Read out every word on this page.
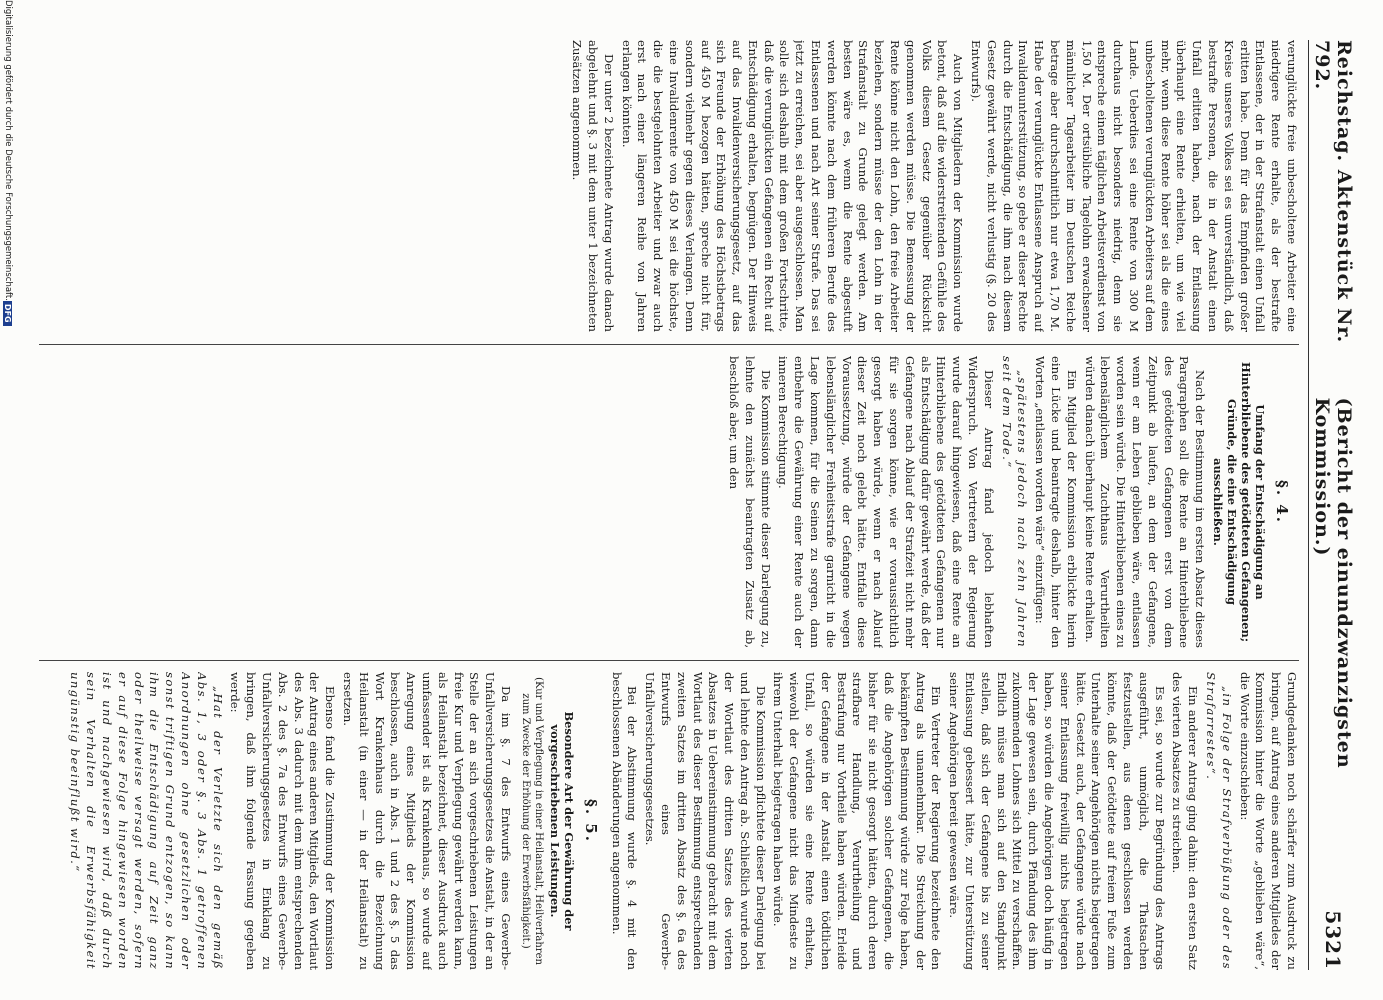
Reichstag. Aktenstück Nr. 792.
(Bericht der einundzwanzigsten Kommission.)
5321

verunglückte freie unbescholtene Arbeiter eine niedrigere Rente erhalte, als der bestrafte Entlassene, der in der Strafanstalt einen Unfall erlitten habe. Denn für das Empfinden großer Kreise unseres Volkes sei es unverständlich, daß bestrafte Personen, die in der Anstalt einen Unfall erlitten haben, nach der Entlassung überhaupt eine Rente erhielten, um wie viel mehr, wenn diese Rente höher sei als die eines unbescholtenen verunglückten Arbeiters auf dem Lande. Ueberdies sei eine Rente von 300 M durchaus nicht besonders niedrig, denn sie entspreche einem täglichen Arbeitsverdienst von 1,50 M. Der ortsübliche Tagelohn erwachsener männlicher Tagearbeiter im Deutschen Reiche betrage aber durchschnittlich nur etwa 1,70 M. Habe der verunglückte Entlassene Anspruch auf Invalidenunterstützung, so gebe er dieser Rechte durch die Entschädigung, die ihm nach diesem Gesetz gewährt werde, nicht verlustig (§. 20 des Entwurfs).

Auch von Mitgliedern der Kommission wurde betont, daß auf die widerstreitenden Gefühle des Volks diesem Gesetz gegenüber Rücksicht genommen werden müsse. Die Bemessung der Rente könne nicht den Lohn, den freie Arbeiter beziehen, sondern müsse der den Lohn in der Strafanstalt zu Grunde gelegt werden. Am besten wäre es, wenn die Rente abgestuft werden könnte nach dem früheren Berufe des Entlassenen und nach Art seiner Strafe. Das sei jetzt zu erreichen, sei aber ausgeschlossen. Man solle sich deshalb mit dem großen Fortschritte, daß die verunglückten Gefangenen ein Recht auf Entschädigung erhalten, begnügen. Der Hinweis auf das Invalidenversicherungsgesetz, auf das sich Freunde der Erhöhung des Höchstbetrags auf 450 M bezogen hätten, spreche nicht für, sondern vielmehr gegen dieses Verlangen. Denn eine Invalidenrente von 450 M sei die höchste, die die bestgelohnten Arbeiter und zwar auch erst nach einer längeren Reihe von Jahren erlangen könnten.

Der unter 2 bezeichnete Antrag wurde danach abgelehnt und §. 3 mit dem unter 1 bezeichneten Zusätzen angenommen.

§. 4.
Umfang der Entschädigung an Hinterbliebene des getödteten Gefangenen; Gründe, die eine Entschädigung ausschließen.

Nach der Bestimmung im ersten Absatz dieses Paragraphen soll die Rente an Hinterbliebene des getödteten Gefangenen erst von dem Zeitpunkt ab laufen, an dem der Gefangene, wenn er am Leben geblieben wäre, entlassen worden sein würde. Die Hinterbliebenen eines zu lebenslänglichem Zuchthaus Verurtheilten würden danach überhaupt keine Rente erhalten.

Ein Mitglied der Kommission erblickte hierin eine Lücke und beantragte deshalb, hinter den Worten „entlassen worden wäre“ einzufügen:

„spätestens jedoch nach zehn Jahren seit dem Tode.“

Dieser Antrag fand jedoch lebhaften Widerspruch. Von Vertretern der Regierung wurde darauf hingewiesen, daß eine Rente an Hinterbliebene des getödteten Gefangenen nur als Entschädigung dafür gewährt werde, daß der Gefangene nach Ablauf der Strafzeit nicht mehr für sie sorgen könne, wie er voraussichtlich gesorgt haben würde, wenn er nach Ablauf dieser Zeit noch gelebt hätte. Entfalle diese Voraussetzung, würde der Gefangene wegen lebenslänglicher Freiheitsstrafe garnicht in die Lage kommen, für die Seinen zu sorgen, dann entbehre die Gewährung einer Rente auch der inneren Berechtigung.

Die Kommission stimmte dieser Darlegung zu, lehnte den zunächst beantragten Zusatz ab, beschloß aber, um den

Grundgedanken noch schärfer zum Ausdruck zu bringen, auf Antrag eines anderen Mitgliedes der Kommission hinter die Worte „geblieben wäre“, die Worte einzuschieben:

„in Folge der Strafverbüßung oder des Strafarrestes“.

Ein anderer Antrag ging dahin: den ersten Satz des vierten Absatzes zu streichen.

Es sei, so wurde zur Begründung des Antrags ausgeführt, unmöglich, die Thatsachen festzustellen, aus denen geschlossen werden könnte, daß der Getödtete auf freiem Fuße zum Unterhalte seiner Angehörigen nichts beigetragen hätte. Gesetzt auch, der Gefangene würde nach seiner Entlassung freiwillig nichts beigetragen haben, so würden die Angehörigen doch häufig in der Lage gewesen sein, durch Pfändung des ihm zukommenden Lohnes sich Mittel zu verschaffen. Endlich müsse man sich auf den Standpunkt stellen, daß sich der Gefangene bis zu seiner Entlassung gebessert hätte, zur Unterstützung seiner Angehörigen bereit gewesen wäre.

Ein Vertreter der Regierung bezeichnete den Antrag als unannehmbar. Die Streichung der bekämpften Bestimmung würde zur Folge haben, daß die Angehörigen solcher Gefangenen, die bisher für sie nicht gesorgt hätten, durch deren strafbare Handlung, Verurtheilung und Bestrafung nur Vortheile haben würden. Erleide der Gefangene in der Anstalt einen tödtlichen Unfall, so würden sie eine Rente erhalten, wiewohl der Gefangene nicht das Mindeste zu ihrem Unterhalt beigetragen haben würde.

Die Kommission pflichtete dieser Darlegung bei und lehnte den Antrag ab. Schließlich wurde noch der Wortlaut des dritten Satzes des vierten Absatzes in Uebereinstimmung gebracht mit dem Wortlaut des dieser Bestimmung entsprechenden zweiten Satzes im dritten Absatz des §. 6a des Entwurfs eines Gewerbe-Unfallversicherungsgesetzes.

Bei der Abstimmung wurde §. 4 mit den beschlossenen Abänderungen angenommen.

§. 5.
Besondere Art der Gewährung der vorgeschriebenen Leistungen.
(Kur und Verpflegung in einer Heilanstalt, Heilverfahren zum Zwecke der Erhöhung der Erwerbsfähigkeit.)

Da im §. 7 des Entwurfs eines Gewerbe-Unfallversicherungsgesetzes die Anstalt, in der an Stelle der an sich vorgeschriebenen Leistungen freie Kur und Verpflegung gewährt werden kann, als Heilanstalt bezeichnet, dieser Ausdruck auch umfassender ist als Krankenhaus, so wurde auf Anregung eines Mitglieds der Kommission beschlossen, auch in Abs. 1 und 2 des §. 5 das Wort Krankenhaus durch die Bezeichnung Heilanstalt (in einer — in der Heilanstalt) zu ersetzen.

Ebenso fand die Zustimmung der Kommission der Antrag eines anderen Mitglieds, den Wortlaut des Abs. 3 dadurch mit dem ihm entsprechenden Abs. 2 des §. 7a des Entwurfs eines Gewerbe-Unfallversicherungsgesetzes in Einklang zu bringen, daß ihm folgende Fassung gegeben werde:

„Hat der Verletzte sich den gemäß Abs. 1, 3 oder §. 3 Abs. 1 getroffenen Anordnungen ohne gesetzlichen oder sonst triftigen Grund entzogen, so kann ihm die Entschädigung auf Zeit ganz oder theilweise versagt werden, sofern er auf diese Folge hingewiesen worden ist und nachgewiesen wird, daß durch sein Verhalten die Erwerbsfähigkeit ungünstig beeinflußt wird.“

Digitalisierung gefördert durch die Deutsche Forschungsgemeinschaft.
DFG
